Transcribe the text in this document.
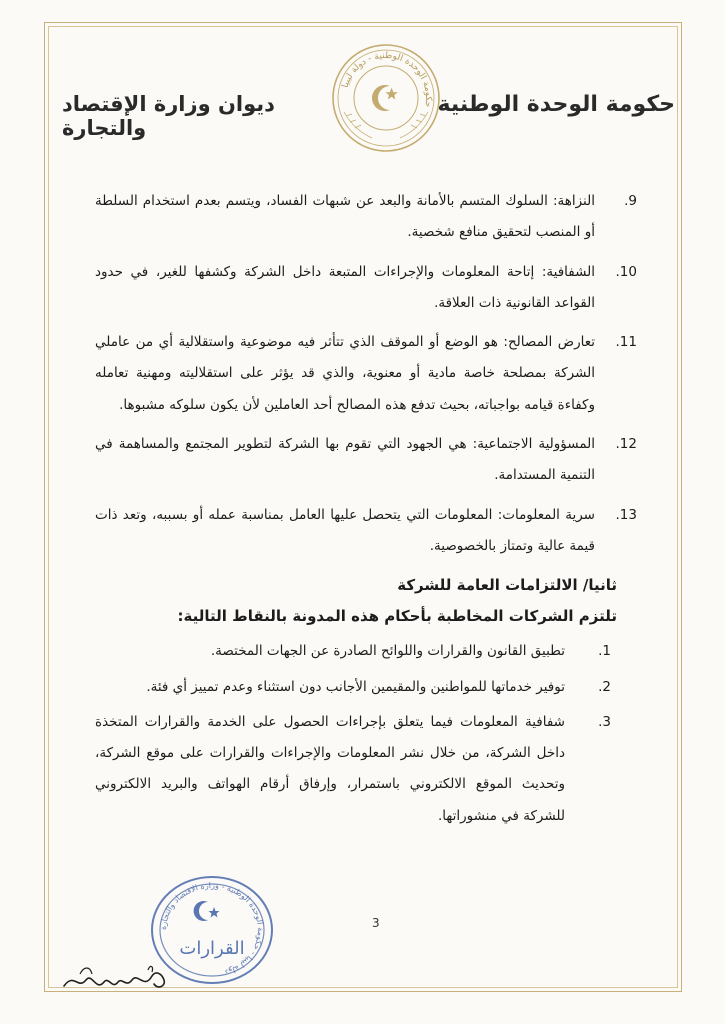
حكومة الوحدة الوطنية
ديوان وزارة الإقتصاد والتجارة
حكومة الوحدة الوطنية - دولة ليبيا
.9
النزاهة: السلوك المتسم بالأمانة والبعد عن شبهات الفساد، ويتسم بعدم استخدام السلطة أو المنصب لتحقيق منافع شخصية.
.10
الشفافية: إتاحة المعلومات والإجراءات المتبعة داخل الشركة وكشفها للغير، في حدود القواعد القانونية ذات العلاقة.
.11
تعارض المصالح: هو الوضع أو الموقف الذي تتأثر فيه موضوعية واستقلالية أي من عاملي الشركة بمصلحة خاصة مادية أو معنوية، والذي قد يؤثر على استقلاليته ومهنية تعامله وكفاءة قيامه بواجباته، بحيث تدفع هذه المصالح أحد العاملين لأن يكون سلوكه مشبوها.
.12
المسؤولية الاجتماعية: هي الجهود التي تقوم بها الشركة لتطوير المجتمع والمساهمة في التنمية المستدامة.
.13
سرية المعلومات: المعلومات التي يتحصل عليها العامل بمناسبة عمله أو بسببه، وتعد ذات قيمة عالية وتمتاز بالخصوصية.
ثانيا/ الالتزامات العامة للشركة
تلتزم الشركات المخاطبة بأحكام هذه المدونة بالنقاط التالية:
.1
تطبيق القانون والقرارات واللوائح الصادرة عن الجهات المختصة.
.2
توفير خدماتها للمواطنين والمقيمين الأجانب دون استثناء وعدم تمييز أي فئة.
.3
شفافية المعلومات فيما يتعلق بإجراءات الحصول على الخدمة والقرارات المتخذة داخل الشركة، من خلال نشر المعلومات والإجراءات والقرارات على موقع الشركة، وتحديث الموقع الالكتروني باستمرار، وإرفاق أرقام الهواتف والبريد الالكتروني للشركة في منشوراتها.
3
دولة ليبيا - حكومة الوحدة الوطنية - وزارة الاقتصاد والتجارة
القرارات
